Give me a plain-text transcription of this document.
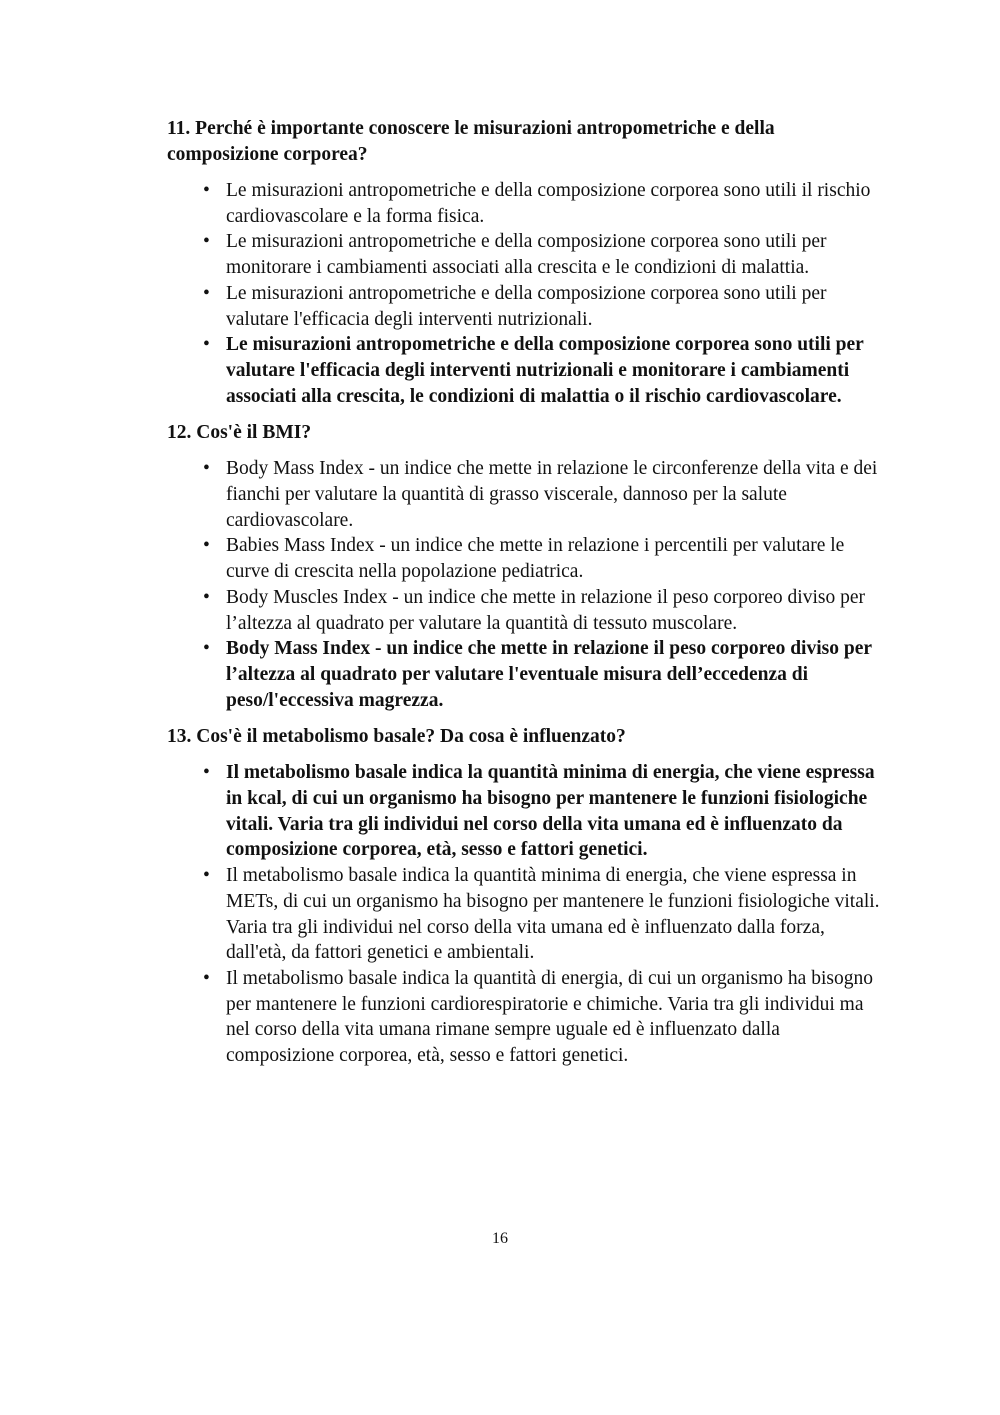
11. Perché è importante conoscere le misurazioni antropometriche e della composizione corporea?
• Le misurazioni antropometriche e della composizione corporea sono utili il rischio cardiovascolare e la forma fisica.
• Le misurazioni antropometriche e della composizione corporea sono utili per monitorare i cambiamenti associati alla crescita e le condizioni di malattia.
• Le misurazioni antropometriche e della composizione corporea sono utili per valutare l'efficacia degli interventi nutrizionali.
• Le misurazioni antropometriche e della composizione corporea sono utili per valutare l'efficacia degli interventi nutrizionali e monitorare i cambiamenti associati alla crescita, le condizioni di malattia o il rischio cardiovascolare.
12. Cos'è il BMI?
• Body Mass Index - un indice che mette in relazione le circonferenze della vita e dei fianchi per valutare la quantità di grasso viscerale, dannoso per la salute cardiovascolare.
• Babies Mass Index - un indice che mette in relazione i percentili per valutare le curve di crescita nella popolazione pediatrica.
• Body Muscles Index - un indice che mette in relazione il peso corporeo diviso per l’altezza al quadrato per valutare la quantità di tessuto muscolare.
• Body Mass Index - un indice che mette in relazione il peso corporeo diviso per l’altezza al quadrato per valutare l'eventuale misura dell’eccedenza di peso/l'eccessiva magrezza.
13. Cos'è il metabolismo basale? Da cosa è influenzato?
• Il metabolismo basale indica la quantità minima di energia, che viene espressa in kcal, di cui un organismo ha bisogno per mantenere le funzioni fisiologiche vitali. Varia tra gli individui nel corso della vita umana ed è influenzato da composizione corporea, età, sesso e fattori genetici.
• Il metabolismo basale indica la quantità minima di energia, che viene espressa in METs, di cui un organismo ha bisogno per mantenere le funzioni fisiologiche vitali. Varia tra gli individui nel corso della vita umana ed è influenzato dalla forza, dall'età, da fattori genetici e ambientali.
• Il metabolismo basale indica la quantità di energia, di cui un organismo ha bisogno per mantenere le funzioni cardiorespiratorie e chimiche. Varia tra gli individui ma nel corso della vita umana rimane sempre uguale ed è influenzato dalla composizione corporea, età, sesso e fattori genetici.
16
